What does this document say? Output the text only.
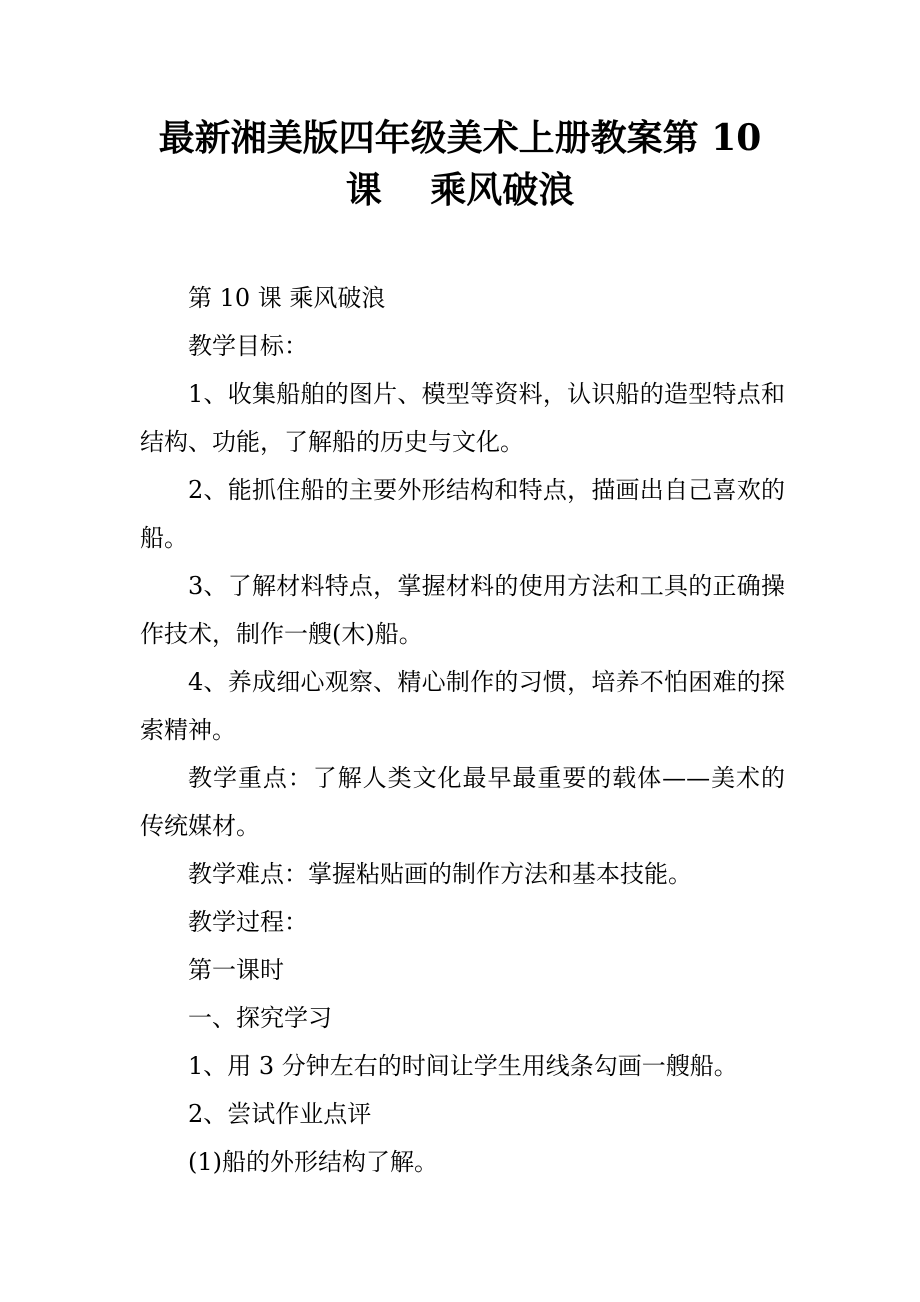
最新湘美版四年级美术上册教案第 10
课　 乘风破浪

第 10 课 乘风破浪

教学目标：

1、收集船舶的图片、模型等资料，认识船的造型特点和结构、功能，了解船的历史与文化。

2、能抓住船的主要外形结构和特点，描画出自己喜欢的船。

3、了解材料特点，掌握材料的使用方法和工具的正确操作技术，制作一艘(木)船。

4、养成细心观察、精心制作的习惯，培养不怕困难的探索精神。

教学重点：了解人类文化最早最重要的载体——美术的传统媒材。

教学难点：掌握粘贴画的制作方法和基本技能。

教学过程：

第一课时

一、探究学习

1、用 3 分钟左右的时间让学生用线条勾画一艘船。

2、尝试作业点评

(1)船的外形结构了解。
